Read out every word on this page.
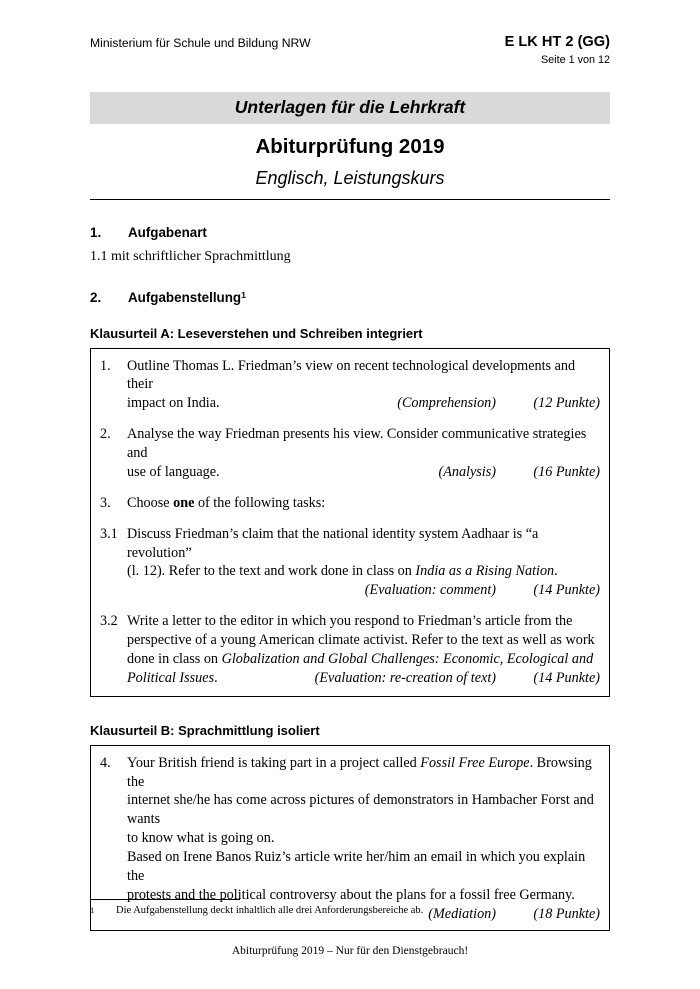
Ministerium für Schule und Bildung NRW	E LK HT 2 (GG)
Seite 1 von 12
Unterlagen für die Lehrkraft
Abiturprüfung 2019
Englisch, Leistungskurs
1.	Aufgabenart
1.1 mit schriftlicher Sprachmittlung
2.	Aufgabenstellung 1
Klausurteil A: Leseverstehen und Schreiben integriert
1.	Outline Thomas L. Friedman’s view on recent technological developments and their

impact on India.	(Comprehension)	(12 Punkte)
2.	Analyse the way Friedman presents his view. Consider communicative strategies and

use of language.	(Analysis)	(16 Punkte)
3.	Choose one of the following tasks:

3.1 Discuss Friedman’s claim that the national identity system Aadhaar is “a revolution”

(l. 12). Refer to the text and work done in class on India as a Rising Nation.

(Evaluation: comment)	(14 Punkte)
3.2 Write a letter to the editor in which you respond to Friedman’s article from the

perspective of a young American climate activist. Refer to the text as well as work

done in class on Globalization and Global Challenges: Economic, Ecological and

Political Issues.	(Evaluation: re-creation of text)	(14 Punkte)
Klausurteil B: Sprachmittlung isoliert
4.	Your British friend is taking part in a project called Fossil Free Europe. Browsing the

internet she/he has come across pictures of demonstrators in Hambacher Forst and wants

to know what is going on.

Based on Irene Banos Ruiz’s article write her/him an email in which you explain the

protests and the political controversy about the plans for a fossil free Germany.

(Mediation)	(18 Punkte)
1	Die Aufgabenstellung deckt inhaltlich alle drei Anforderungsbereiche ab.
Abiturprüfung 2019 – Nur für den Dienstgebrauch!
